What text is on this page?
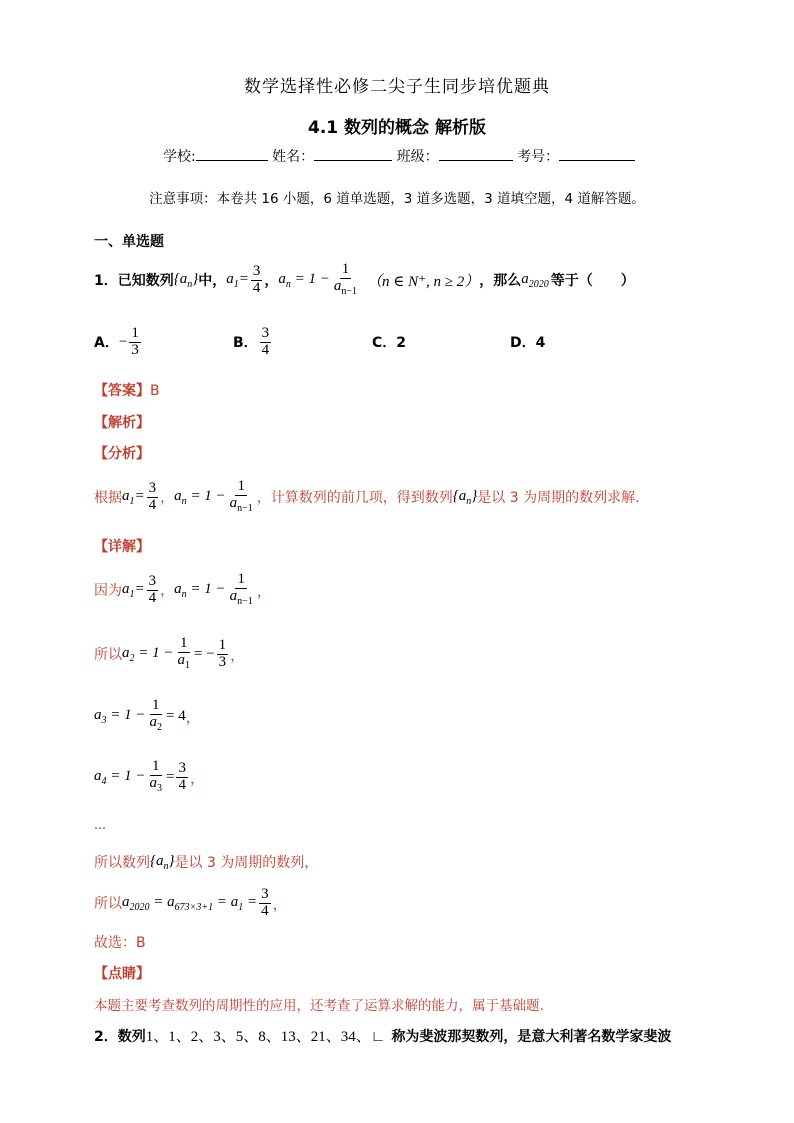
数学选择性必修二尖子生同步培优题典
4.1 数列的概念 解析版
学校:	姓名：	班级：	考号：
注意事项：本卷共 16 小题，6 道单选题，3 道多选题，3 道填空题，4 道解答题。
一、单选题
1．已知数列 $\{a_n\}$ 中， $a_1= \frac{3}{4}$ ， $a_n = 1 - \frac{1}{a_{n-1}} (n$ ∈ N⁺, n ≥ 2） ，那么 $a_{2020}$ 等于（　　）
A． − $\frac{1}{3}$	B． $\frac{3}{4}$	C．2	D．4
【答案】B
【解析】
【分析】
根据 $a_1= \frac{3}{4}$ ， $a_n = 1 - \frac{1}{a_{n-1}}$ ，计算数列的前几项，得到数列 $\{a_n\}$ 是以 3 为周期的数列求解.
【详解】
因为 $a_1= \frac{3}{4}$ ， $a_n = 1 - \frac{1}{a_{n-1}}$ ，
所以 $a_2 = 1 - \frac{1}{a_1}$ = − $\frac{1}{3}$ ，
$a_3 = 1 - \frac{1}{a_2} = 4$ ，
$a_4 = 1 - \frac{1}{a_3} = \frac{3}{4}$ ，
…
所以数列 $\{a_n\}$ 是以 3 为周期的数列，
所以 $a_{2020} = a_{673\times 3+1} = a_1 = \frac{3}{4}$ ，
故选：B
【点睛】
本题主要考查数列的周期性的应用，还考查了运算求解的能力，属于基础题.
2．数列 1、1、2、3、5、8、13、21、34、∟ 称为斐波那契数列，是意大利著名数学家斐波
